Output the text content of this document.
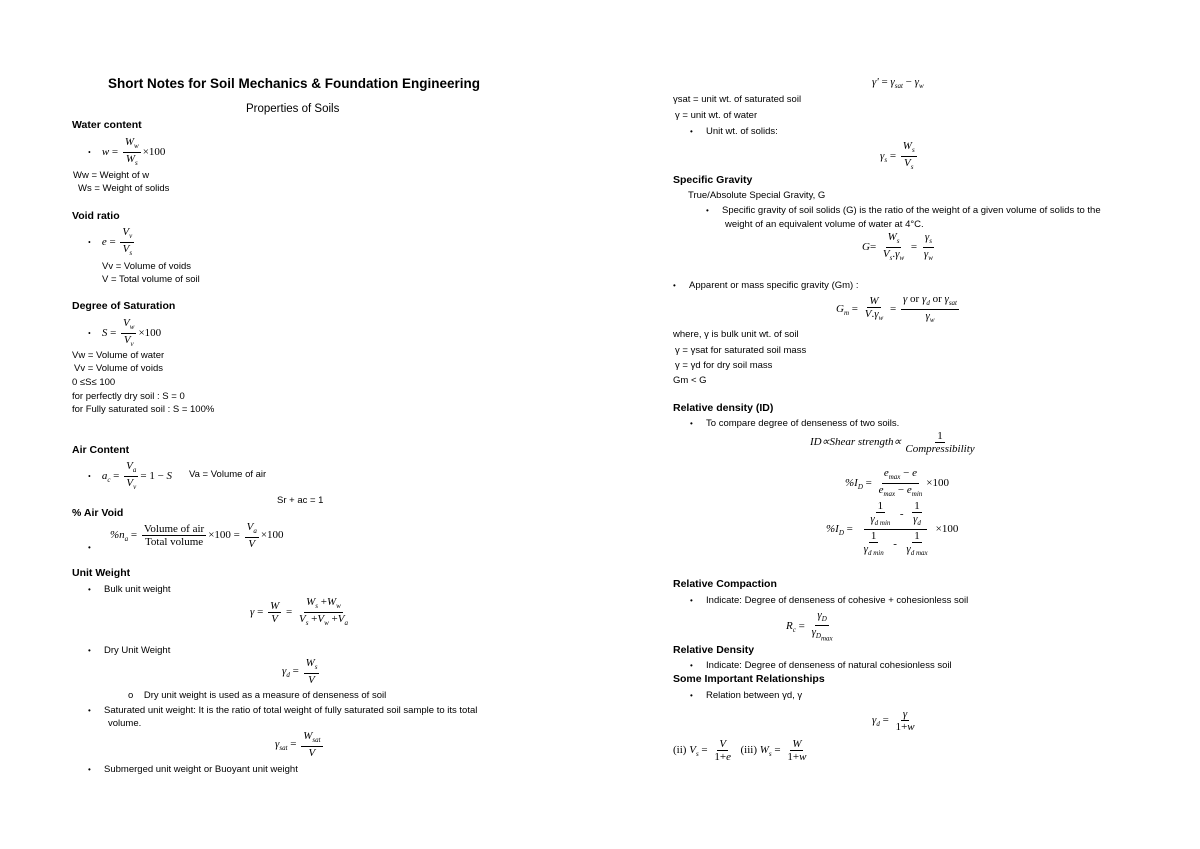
Short Notes for Soil Mechanics & Foundation Engineering
Properties of Soils
Water content
• $w = \frac{W_w}{W_s} \times 100$
Ww = Weight of w
Ws = Weight of solids
Void ratio
• $e = \frac{V_v}{V_s}$
Vv = Volume of voids
V = Total volume of soil
Degree of Saturation
• $S = \frac{V_w}{V_v} \times 100$
Vw = Volume of water
Vv = Volume of voids
0 ≤S≤ 100
for perfectly dry soil : S = 0
for Fully saturated soil : S = 100%
Air Content
• $a_c = \frac{V_a}{V_v} = 1 - S$ Va = Volume of air
Sr + ac = 1
% Air Void
$\%n_a = \frac{\text{Volume of air}}{\text{Total volume}} \times 100 = \frac{V_a}{V} \times 100$
•
Unit Weight
• Bulk unit weight
$\gamma = \frac{W}{V} = \frac{W_s +W_w}{V_s +V_w +V_a}$
• Dry Unit Weight
$\gamma_d = \frac{W_s}{V}$
o    Dry unit weight is used as a measure of denseness of soil
• Saturated unit weight: It is the ratio of total weight of fully saturated soil sample to its total
volume.
$\gamma_{sat} = \frac{W_{sat}}{V}$
• Submerged unit weight or Buoyant unit weight
$\gamma' = \gamma_{sat} - \gamma_w$
γsat = unit wt. of saturated soil
γ = unit wt. of water
• Unit wt. of solids:
$\gamma_s = \frac{W_s}{V_s}$
Specific Gravity
True/Absolute Special Gravity, G
• Specific gravity of soil solids (G) is the ratio of the weight of a given volume of solids to the
weight of an equivalent volume of water at 4°C.
$G= \frac{W_s}{V_s.\gamma_w} = \frac{\gamma_s}{\gamma_w}$
• Apparent or mass specific gravity (Gm) :
$G_m = \frac{W}{V.\gamma_w} = \frac{\gamma or \gamma_d or \gamma_{sat}}{\gamma_w}$
where, γ is bulk unit wt. of soil
γ = γsat for saturated soil mass
γ = γd for dry soil mass
Gm < G
Relative density (ID)
• To compare degree of denseness of two soils.
ID∝Shear strength∝ $\frac{1}{\text{Compressibility}}$
$\%I_D = \frac{e_{max} - e}{e_{max} - e_{min}} \times 100$
$\%I_D = \frac{\frac{1}{\gamma_{d min}} - \frac{1}{\gamma_d}}{\frac{1}{\gamma_{d min}} - \frac{1}{\gamma_{d max}}} \times 100$
Relative Compaction
• Indicate: Degree of denseness of cohesive + cohesionless soil
$R_c = \frac{\gamma_D}{\gamma_{D_{max}}}$
Relative Density
• Indicate: Degree of denseness of natural cohesionless soil
Some Important Relationships
• Relation between γd, γ
$\gamma_d = \frac{\gamma}{1+w}$
(ii) $V_s = \frac{V}{1+e} (iii) W_s = \frac{W}{1+w}$
